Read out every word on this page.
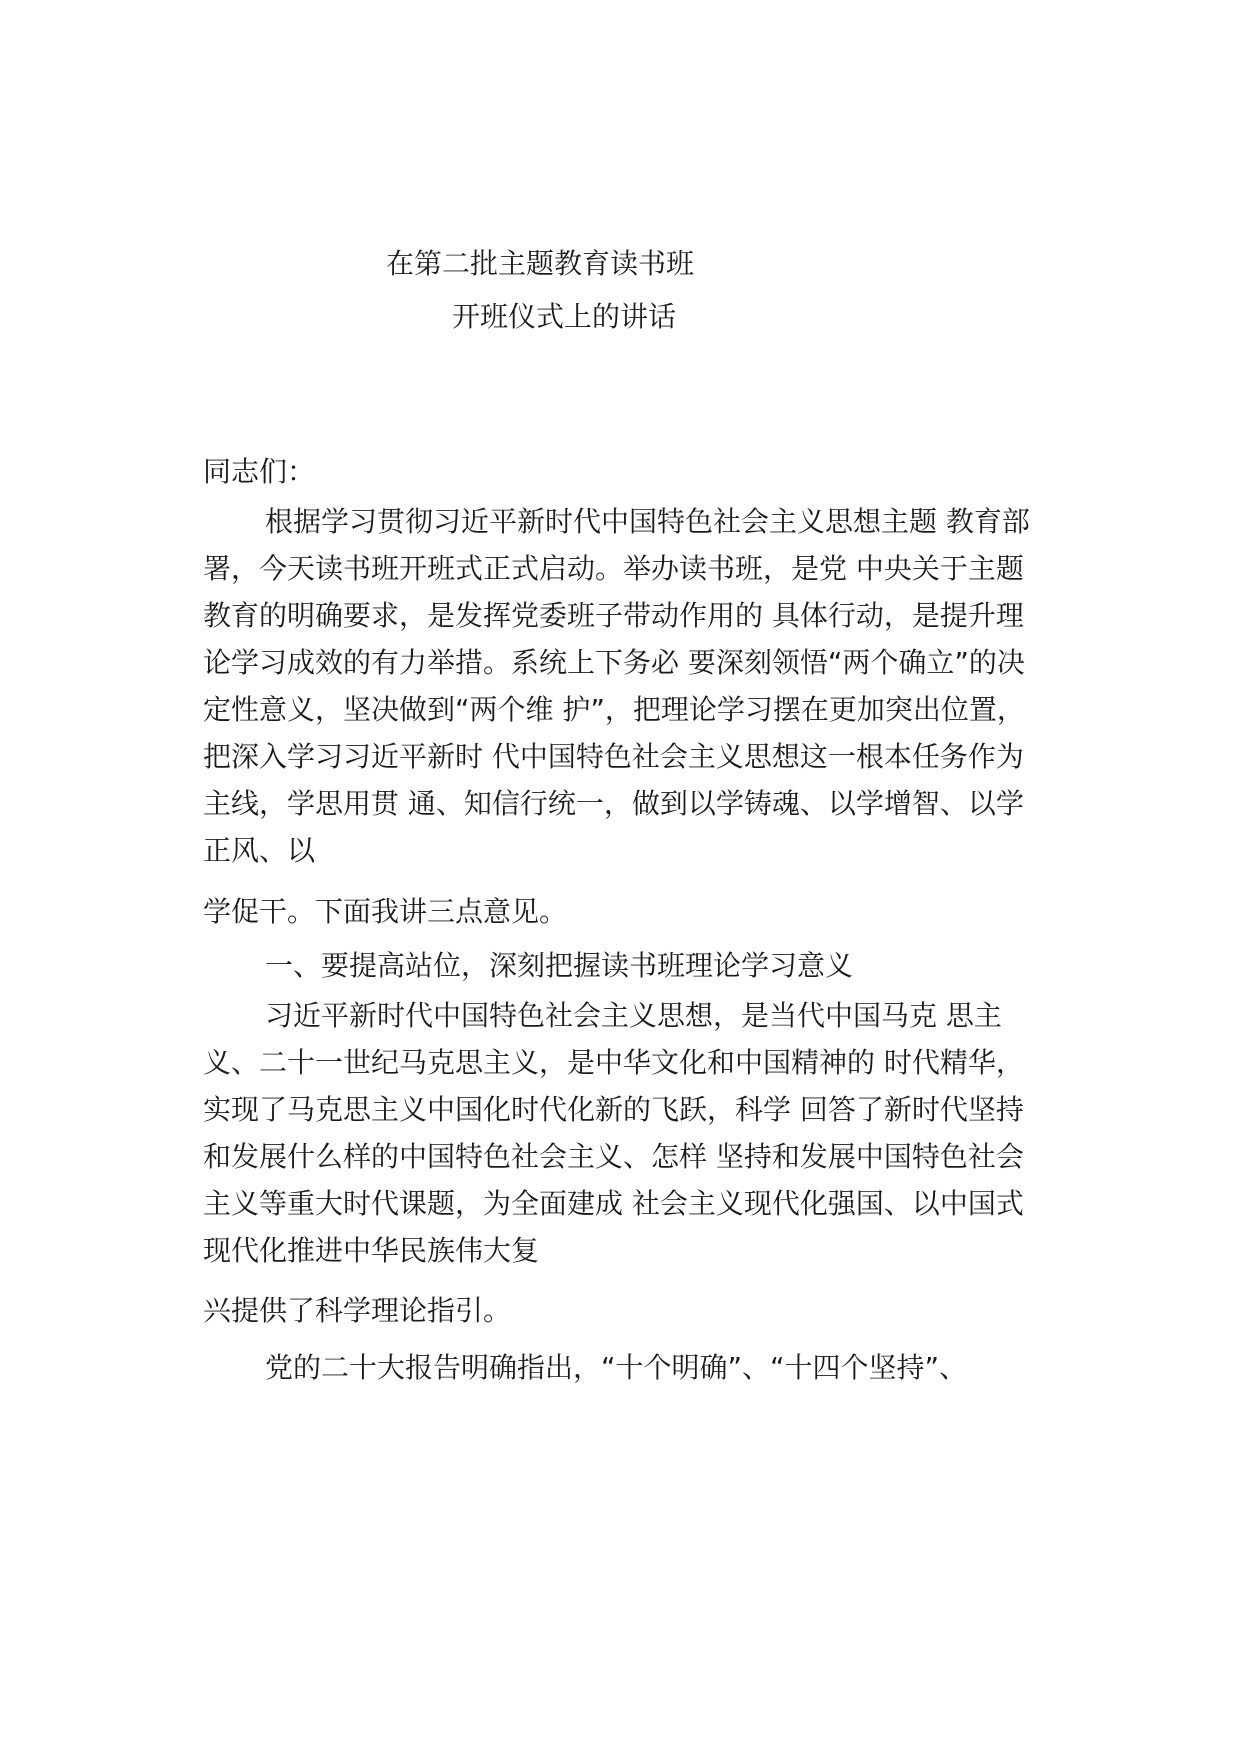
在第二批主题教育读书班
开班仪式上的讲话
同志们：
根据学习贯彻习近平新时代中国特色社会主义思想主题 教育部
署，今天读书班开班式正式启动。举办读书班，是党 中央关于主题
教育的明确要求，是发挥党委班子带动作用的 具体行动，是提升理
论学习成效的有力举措。系统上下务必 要深刻领悟“两个确立”的决
定性意义，坚决做到“两个维 护”，把理论学习摆在更加突出位置，
把深入学习习近平新时 代中国特色社会主义思想这一根本任务作为
主线，学思用贯 通、知信行统一，做到以学铸魂、以学增智、以学
正风、以
学促干。下面我讲三点意见。
一、要提高站位，深刻把握读书班理论学习意义
习近平新时代中国特色社会主义思想，是当代中国马克 思主
义、二十一世纪马克思主义，是中华文化和中国精神的 时代精华，
实现了马克思主义中国化时代化新的飞跃，科学 回答了新时代坚持
和发展什么样的中国特色社会主义、怎样 坚持和发展中国特色社会
主义等重大时代课题，为全面建成 社会主义现代化强国、以中国式
现代化推进中华民族伟大复
兴提供了科学理论指引。
党的二十大报告明确指出，“十个明确”、“十四个坚持”、
